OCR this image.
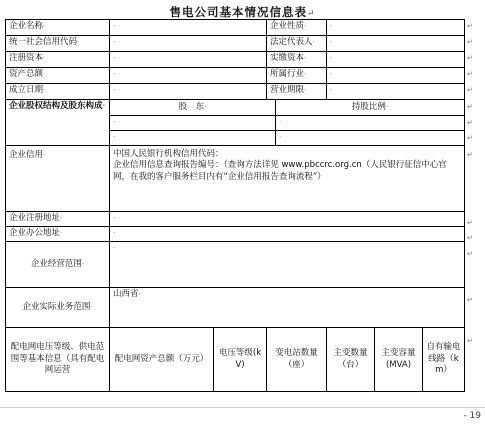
售电公司基本情况信息表↵
企业名称·	·		企业性质·		·		
统一社会信用代码·	·		法定代表人·		·		
注册资本·	·		实缴资本·		·		
资产总额·	·		所属行业·		·		
成立日期·	·		营业期限·		·		
企业股权结构及股东构成·	股　东·			持股比例·			
	·			·			
	·			·			
企业信用·	中国人民银行机构信用代码：
企业信用信息查询报告编号：（查询方法详见 www.pbccrc.org.cn（人民银行征信中心官网，在我的客户服务栏目内有“企业信用报告查询流程”）						

企业注册地址·	·						
企业办公地址·	·						
企业经营范围·	·						
企业实际业务范围·	山西省·						
配电网电压等级、供电范围等基本信息（具有配电网运营	配电网资产总额（万元）	电压等级(kV)	变电站数量（座）		主变数量（台）	主变容量(MVA)	自有输电线路（km）
↵
↵
↵
↵
↵
↵
↵
↵
↵
↵
↵
↵
↵
↵
- 19
